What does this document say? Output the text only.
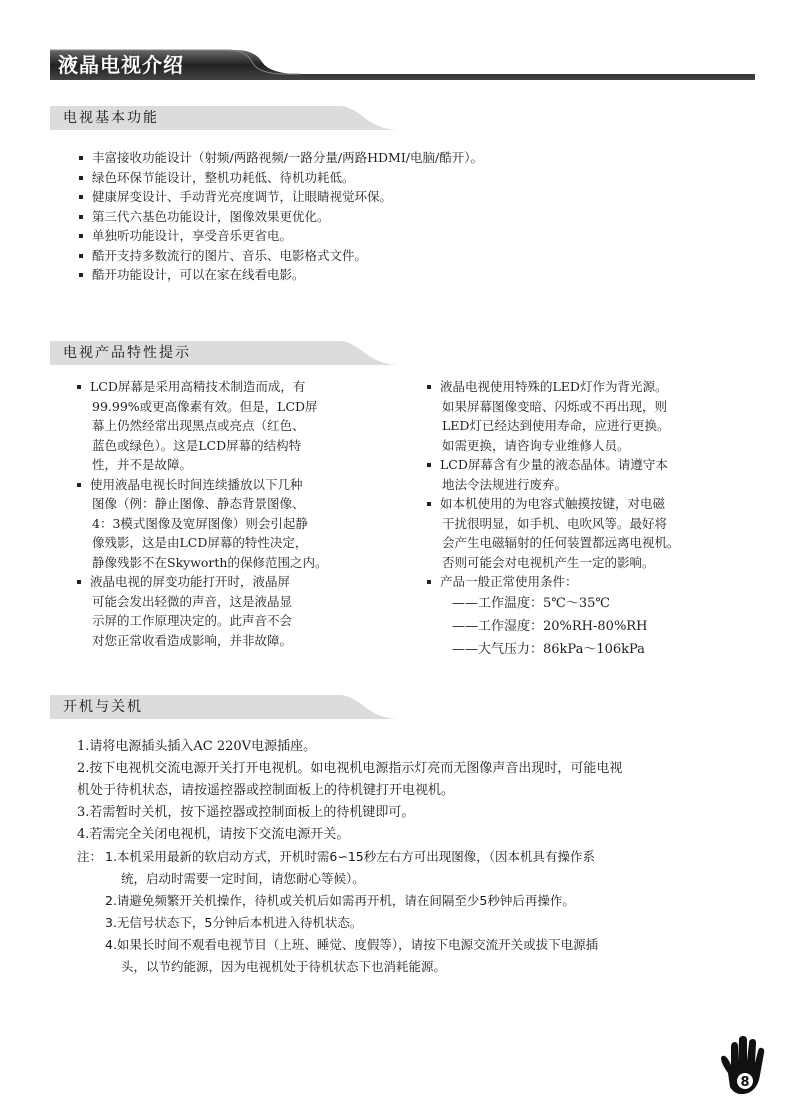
液晶电视介绍
电视基本功能
丰富接收功能设计（射频/两路视频/一路分量/两路HDMI/电脑/酷开）。
绿色环保节能设计，整机功耗低、待机功耗低。
健康屏变设计、手动背光亮度调节，让眼睛视觉环保。
第三代六基色功能设计，图像效果更优化。
单独听功能设计，享受音乐更省电。
酷开支持多数流行的图片、音乐、电影格式文件。
酷开功能设计，可以在家在线看电影。
电视产品特性提示
LCD屏幕是采用高精技术制造而成，有
99.99%或更高像素有效。但是，LCD屏
幕上仍然经常出现黑点或亮点（红色、
蓝色或绿色）。这是LCD屏幕的结构特
性，并不是故障。
使用液晶电视长时间连续播放以下几种
图像（例：静止图像、静态背景图像、
4：3模式图像及宽屏图像）则会引起静
像残影，这是由LCD屏幕的特性决定，
静像残影不在Skyworth的保修范围之内。
液晶电视的屏变功能打开时，液晶屏
可能会发出轻微的声音，这是液晶显
示屏的工作原理决定的。此声音不会
对您正常收看造成影响，并非故障。
液晶电视使用特殊的LED灯作为背光源。
如果屏幕图像变暗、闪烁或不再出现，则
LED灯已经达到使用寿命，应进行更换。
如需更换，请咨询专业维修人员。
LCD屏幕含有少量的液态晶体。请遵守本
地法令法规进行废弃。
如本机使用的为电容式触摸按键，对电磁
干扰很明显，如手机、电吹风等。最好将
会产生电磁辐射的任何装置都远离电视机。
否则可能会对电视机产生一定的影响。
产品一般正常使用条件：
——工作温度：5℃～35℃
——工作湿度：20%RH-80%RH
——大气压力：86kPa～106kPa
开机与关机

1.请将电源插头插入AC 220V电源插座。

2.按下电视机交流电源开关打开电视机。如电视机电源指示灯亮而无图像声音出现时，可能电视

机处于待机状态，请按遥控器或控制面板上的待机键打开电视机。

3.若需暂时关机，按下遥控器或控制面板上的待机键即可。

4.若需完全关闭电视机，请按下交流电源开关。

注： 1.本机采用最新的软启动方式，开机时需6∽15秒左右方可出现图像，（因本机具有操作系

统，启动时需要一定时间，请您耐心等候）。

2.请避免频繁开关机操作，待机或关机后如需再开机，请在间隔至少5秒钟后再操作。

3.无信号状态下，5分钟后本机进入待机状态。

4.如果长时间不观看电视节目（上班、睡觉、度假等），请按下电源交流开关或拔下电源插

头，以节约能源，因为电视机处于待机状态下也消耗能源。

8
